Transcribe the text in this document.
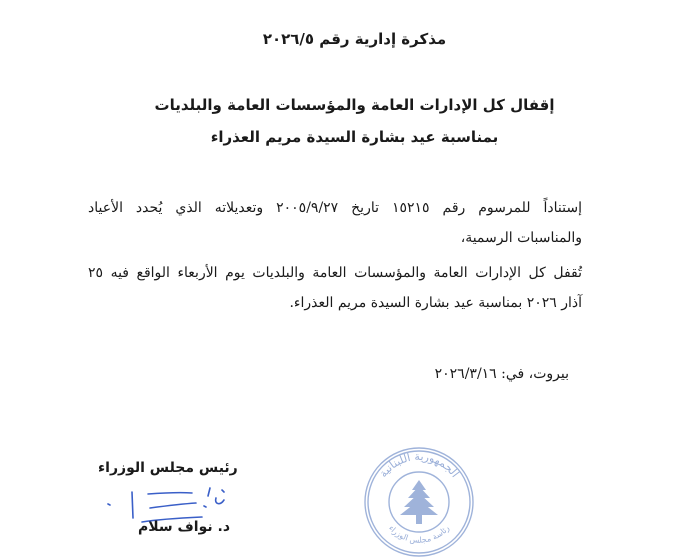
مذكرة إدارية رقم ٢٠٢٦/٥
إقفال كل الإدارات العامة والمؤسسات العامة والبلديات
بمناسبة عيد بشارة السيدة مريم العذراء
إستناداً للمرسوم رقم ١٥٢١٥ تاريخ ٢٠٠٥/٩/٢٧ وتعديلاته الذي يُحدد الأعياد
والمناسبات الرسمية،
تُقفل كل الإدارات العامة والمؤسسات العامة والبلديات يوم الأربعاء الواقع فيه ٢٥
آذار ٢٠٢٦ بمناسبة عيد بشارة السيدة مريم العذراء.
بيروت، في: ٢٠٢٦/٣/١٦
رئيس مجلس الوزراء
د. نواف سلام
الجمهورية اللبنانية
رئاسة مجلس الوزراء
